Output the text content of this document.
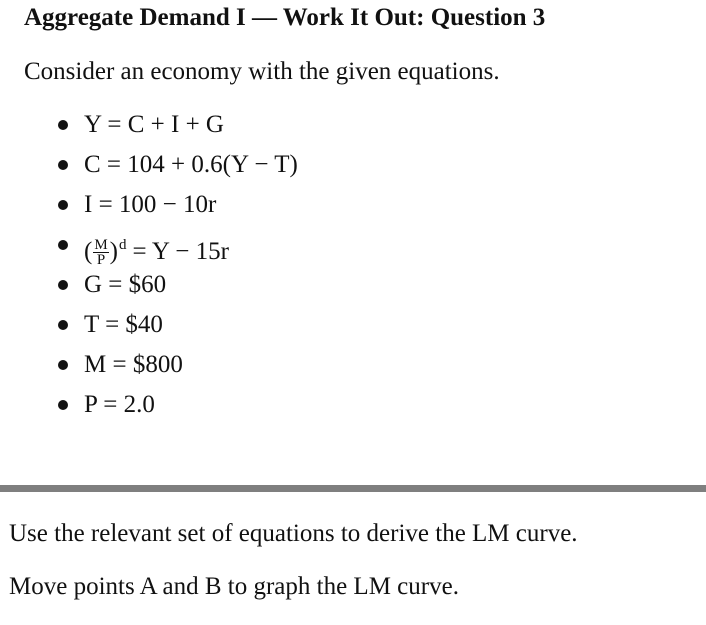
Aggregate Demand I — Work It Out: Question 3

Consider an economy with the given equations.

Y = C + I + G
C = 104 + 0.6(Y − T)
I = 100 − 10r
( $\frac{M}{P} )^d = Y - 15r$
G = $60
T = $40
M = $800
P = 2.0

Use the relevant set of equations to derive the LM curve.

Move points A and B to graph the LM curve.
